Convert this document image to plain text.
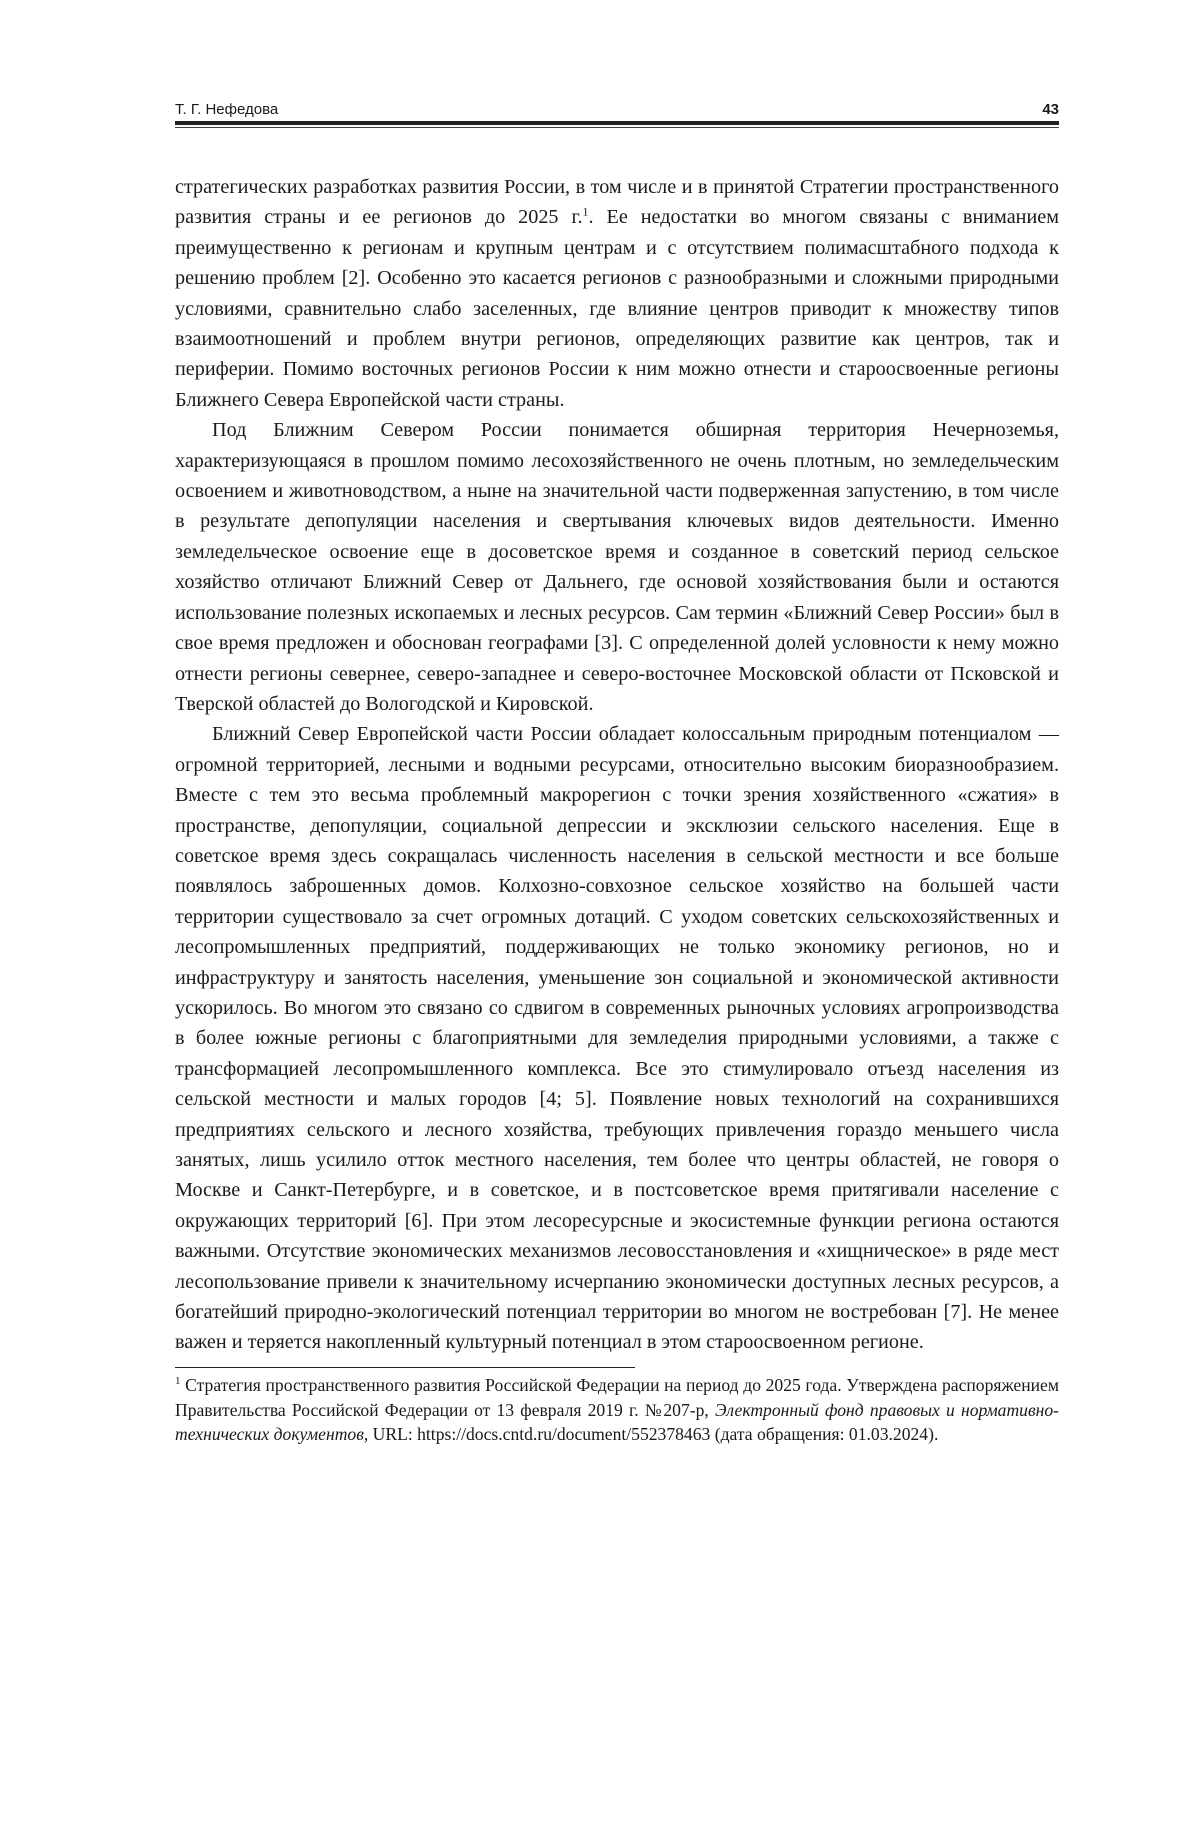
Т. Г. Нефедова	43

стратегических разработках развития России, в том числе и в принятой Стратегии пространственного развития страны и ее регионов до 2025 г.$^1$. Ее недостатки во многом связаны с вниманием преимущественно к регионам и крупным центрам и с отсутствием полимасштабного подхода к решению проблем [2]. Особенно это касается регионов с разнообразными и сложными природными условиями, сравнительно слабо заселенных, где влияние центров приводит к множеству типов взаимоотношений и проблем внутри регионов, определяющих развитие как центров, так и периферии. Помимо восточных регионов России к ним можно отнести и староосвоенные регионы Ближнего Севера Европейской части страны.

Под Ближним Севером России понимается обширная территория Нечерноземья, характеризующаяся в прошлом помимо лесохозяйственного не очень плотным, но земледельческим освоением и животноводством, а ныне на значительной части подверженная запустению, в том числе в результате депопуляции населения и свертывания ключевых видов деятельности. Именно земледельческое освоение еще в досоветское время и созданное в советский период сельское хозяйство отличают Ближний Север от Дальнего, где основой хозяйствования были и остаются использование полезных ископаемых и лесных ресурсов. Сам термин «Ближний Север России» был в свое время предложен и обоснован географами [3]. С определенной долей условности к нему можно отнести регионы севернее, северо-западнее и северо-восточнее Московской области от Псковской и Тверской областей до Вологодской и Кировской.

Ближний Север Европейской части России обладает колоссальным природным потенциалом — огромной территорией, лесными и водными ресурсами, относительно высоким биоразнообразием. Вместе с тем это весьма проблемный макрорегион с точки зрения хозяйственного «сжатия» в пространстве, депопуляции, социальной депрессии и эксклюзии сельского населения. Еще в советское время здесь сокращалась численность населения в сельской местности и все больше появлялось заброшенных домов. Колхозно-совхозное сельское хозяйство на большей части территории существовало за счет огромных дотаций. С уходом советских сельскохозяйственных и лесопромышленных предприятий, поддерживающих не только экономику регионов, но и инфраструктуру и занятость населения, уменьшение зон социальной и экономической активности ускорилось. Во многом это связано со сдвигом в современных рыночных условиях агропроизводства в более южные регионы с благоприятными для земледелия природными условиями, а также с трансформацией лесопромышленного комплекса. Все это стимулировало отъезд населения из сельской местности и малых городов [4; 5]. Появление новых технологий на сохранившихся предприятиях сельского и лесного хозяйства, требующих привлечения гораздо меньшего числа занятых, лишь усилило отток местного населения, тем более что центры областей, не говоря о Москве и Санкт-Петербурге, и в советское, и в постсоветское время притягивали население с окружающих территорий [6]. При этом лесоресурсные и экосистемные функции региона остаются важными. Отсутствие экономических механизмов лесовосстановления и «хищническое» в ряде мест лесопользование привели к значительному исчерпанию экономически доступных лесных ресурсов, а богатейший природно-экологический потенциал территории во многом не востребован [7]. Не менее важен и теряется накопленный культурный потенциал в этом староосвоенном регионе.

$^1$ Стратегия пространственного развития Российской Федерации на период до 2025 года. Утверждена распоряжением Правительства Российской Федерации от 13 февраля 2019 г. №207-р, Электронный фонд правовых и нормативно-технических документов, URL: https://docs.cntd.ru/document/552378463 (дата обращения: 01.03.2024).
